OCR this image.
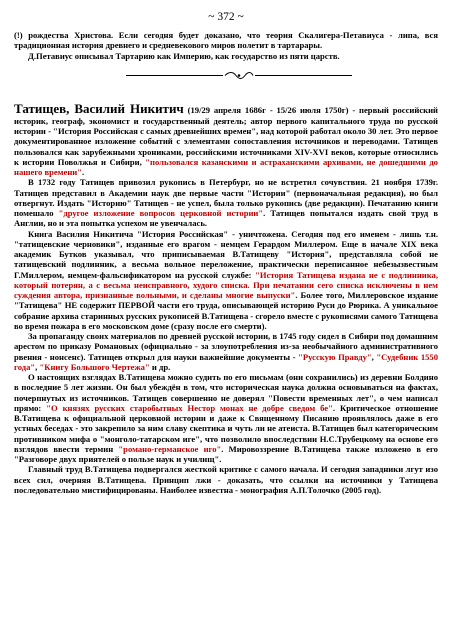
~ 372 ~

(!) рождества Христова. Если сегодня будет доказано, что теория Скалигера-Петавиуса - липа, вся традиционная история древнего и средневекового миров полетит в тартарары.

Д.Петавиус описывал Тартарию как Империю, как государство из пяти царств.

Татищев, Василий Никитич (19/29 апреля 1686г - 15/26 июля 1750г) - первый российский историк, географ, экономист и государственный деятель; автор первого капитального труда по русской истории - "История Российская с самых древнейших времен", над которой работал около 30 лет. Это первое документированное изложение событий с элементами сопоставления источников и переводами. Татищев пользовался как зарубежными хрониками, российскими источниками XIV-XVI веков, которые относились к истории Поволжья и Сибири, "пользовался казанскими и астраханскими архивами, не дошедшими до нашего времени".

В 1732 году Татищев привозил рукопись в Петербург, но не встретил сочувствия. 21 ноября 1739г. Татищев представил в Академии наук две первые части "Истории" (первоначальная редакция), но был отвергнут. Издать "Историю" Татищев - не успел, была только рукопись (две редакции). Печатанию книги помешало "другое изложение вопросов церковной истории". Татищев попытался издать свой труд в Англии, но и эта попытка успехом не увенчалась.

Книга Василия Никитича "История Российская" - уничтожена. Сегодня под его именем - лишь т.н. "татищевские черновики", изданные его врагом - немцем Герардом Миллером. Еще в начале XIX века академик Бутков указывал, что приписываемая В.Татищеву "История", представляла собой не татищевский подлинник, а весьма вольное переложение, практически переписанное небезызвестным Г.Миллером, немцем-фальсификатором на русской службе: "История Татищева издана не с подлинника, который потерян, а с весьма неисправного, худого списка. При печатании сего списка исключены в нем суждения автора, признанные вольными, и сделаны многие выпуски". Более того, Миллеровское издание "Татищева" НЕ содержит ПЕРВОЙ части его труда, описывающей историю Руси до Рюрика. А уникальное собрание архива старинных русских рукописей В.Татищева - сгорело вместе с рукописями самого Татищева во время пожара в его московском доме (сразу после его смерти).

За пропаганду своих материалов по древней русской истории, в 1745 году сидел в Сибири под домашним арестом по приказу Романовых (официально - за злоупотребления из-за необычайного административного рвения - нонсенс). Татищев открыл для науки важнейшие документы - "Русскую Правду", "Судебник 1550 года", "Книгу Большого Чертежа" и др.

О настоящих взглядах В.Татищева можно судить по его письмам (они сохранились) из деревни Болдино в последние 5 лет жизни. Он был убеждён в том, что историческая наука должна основываться на фактах, почерпнутых из источников. Татищев совершенно не доверял "Повести временных лет", о чем написал прямо: "О князях русских старобытных Нестор монах не добре сведом бе". Критическое отношение В.Татищева к официальной церковной истории и даже к Священному Писанию проявлялось даже в его устных беседах - это закрепило за ним славу скептика и чуть ли не атеиста. В.Татищев был категорическим противником мифа о "монголо-татарском иге", что позволило впоследствии Н.С.Трубецкому на основе его взглядов ввести термин "романо-германское иго". Мировоззрение В.Татищева также изложено в его "Разговоре двух приятелей о пользе наук и училищ".

Главный труд В.Татищева подвергался жесткой критике с самого начала. И сегодня западники лгут изо всех сил, очерняя В.Татищева. Принцип лжи - доказать, что ссылки на источники у Татищева последовательно мистифицированы. Наиболее известна - монография А.П.Толочко (2005 год).
